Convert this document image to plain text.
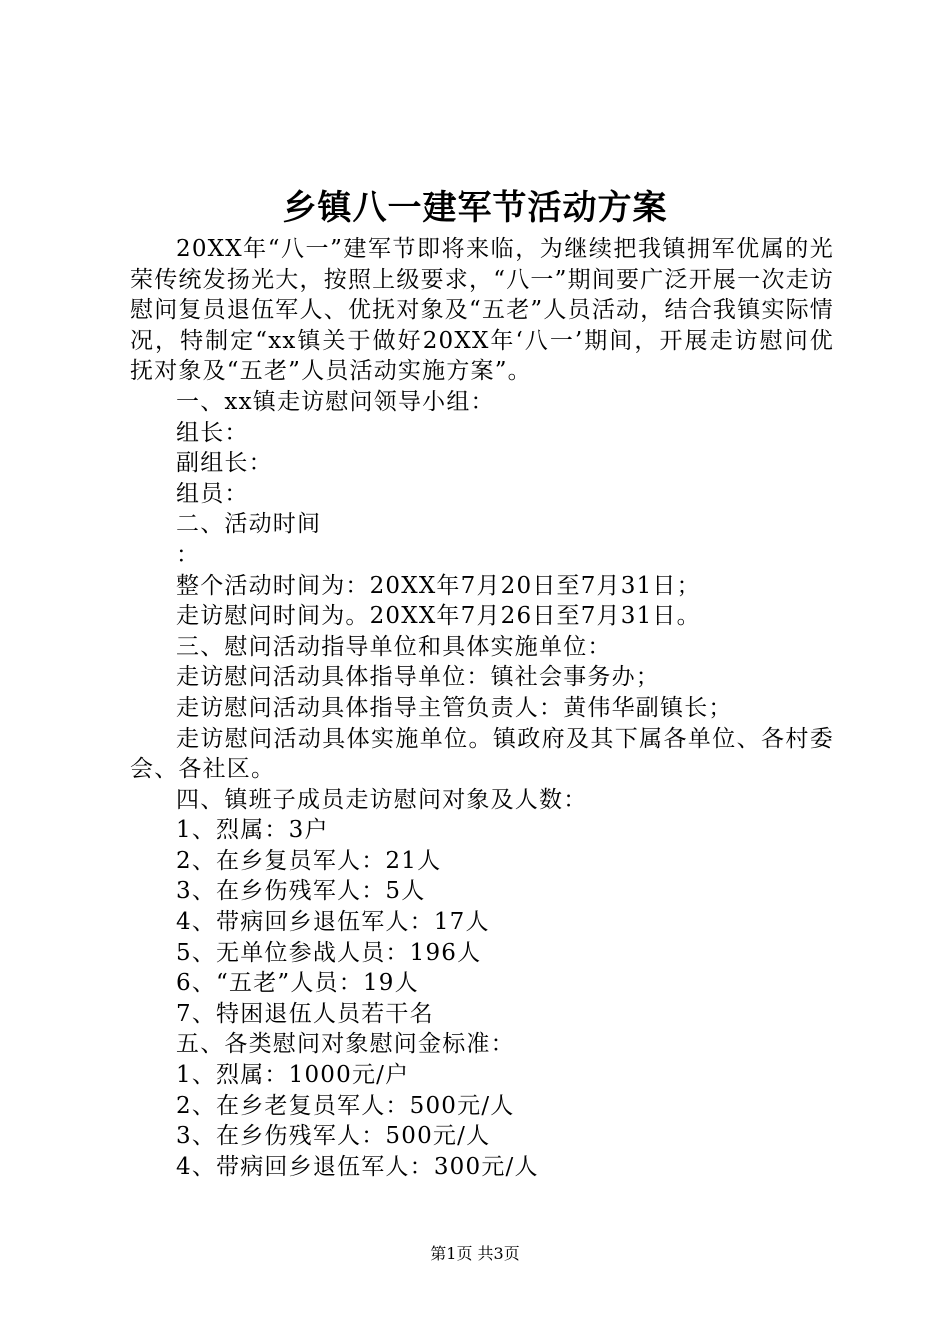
乡镇八一建军节活动方案

20XX年“八一”建军节即将来临，为继续把我镇拥军优属的光荣传统发扬光大，按照上级要求，“八一”期间要广泛开展一次走访慰问复员退伍军人、优抚对象及“五老”人员活动，结合我镇实际情况，特制定“xx镇关于做好20XX年‘八一’期间，开展走访慰问优抚对象及“五老”人员活动实施方案”。

一、xx镇走访慰问领导小组：

组长：

副组长：

组员：

二、活动时间

：

整个活动时间为：20XX年7月20日至7月31日；

走访慰问时间为。20XX年7月26日至7月31日。

三、慰问活动指导单位和具体实施单位：

走访慰问活动具体指导单位：镇社会事务办；

走访慰问活动具体指导主管负责人：黄伟华副镇长；

走访慰问活动具体实施单位。镇政府及其下属各单位、各村委会、各社区。

四、镇班子成员走访慰问对象及人数：

1、烈属：3户

2、在乡复员军人：21人

3、在乡伤残军人：5人

4、带病回乡退伍军人：17人

5、无单位参战人员：196人

6、“五老”人员：19人

7、特困退伍人员若干名

五、各类慰问对象慰问金标准：

1、烈属：1000元/户

2、在乡老复员军人：500元/人

3、在乡伤残军人：500元/人

4、带病回乡退伍军人：300元/人

第1页 共3页
